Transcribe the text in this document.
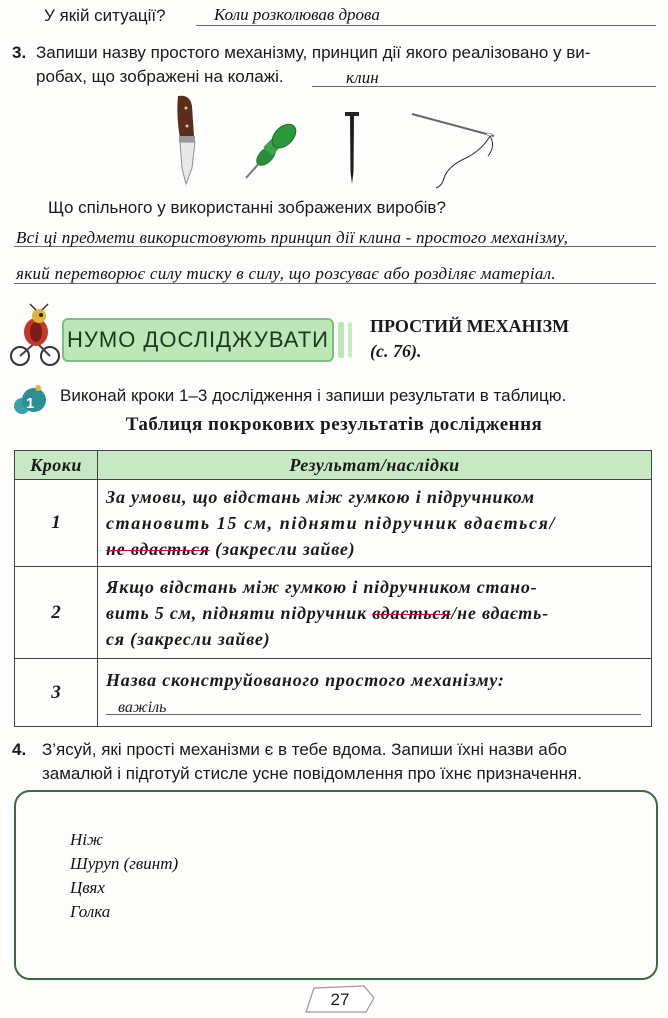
У якій ситуації?	Коли розколював дрова
3. Запиши назву простого механізму, принцип дії якого реалізовано у ви-
робах, що зображені на колажі.	клин
Що спільного у використанні зображених виробів?
Всі ці предмети використовують принцип дії клина - простого механізму,
який перетворює силу тиску в силу, що розсуває або розділяє матеріал.
НУМО ДОСЛІДЖУВАТИ
ПРОСТИЙ МЕХАНІЗМ
(с. 76).
1 Виконай кроки 1–3 дослідження і запиши результати в таблицю.
Таблиця покрокових результатів дослідження
Кроки	Результат/наслідки
1	За умови, що відстань між гумкою і підручником
становить 15 см, підняти підручник вдається/
не вдається (закресли зайве)

2	Якщо відстань між гумкою і підручником стано-
вить 5 см, підняти підручник вдається/не вдаєть-
ся (закресли зайве)

3	Назва сконструйованого простого механізму:
важіль
4. З’ясуй, які прості механізми є в тебе вдома. Запиши їхні назви або
замалюй і підготуй стисле усне повідомлення про їхнє призначення.
Ніж
Шуруп (гвинт)
Цвях
Голка
27
